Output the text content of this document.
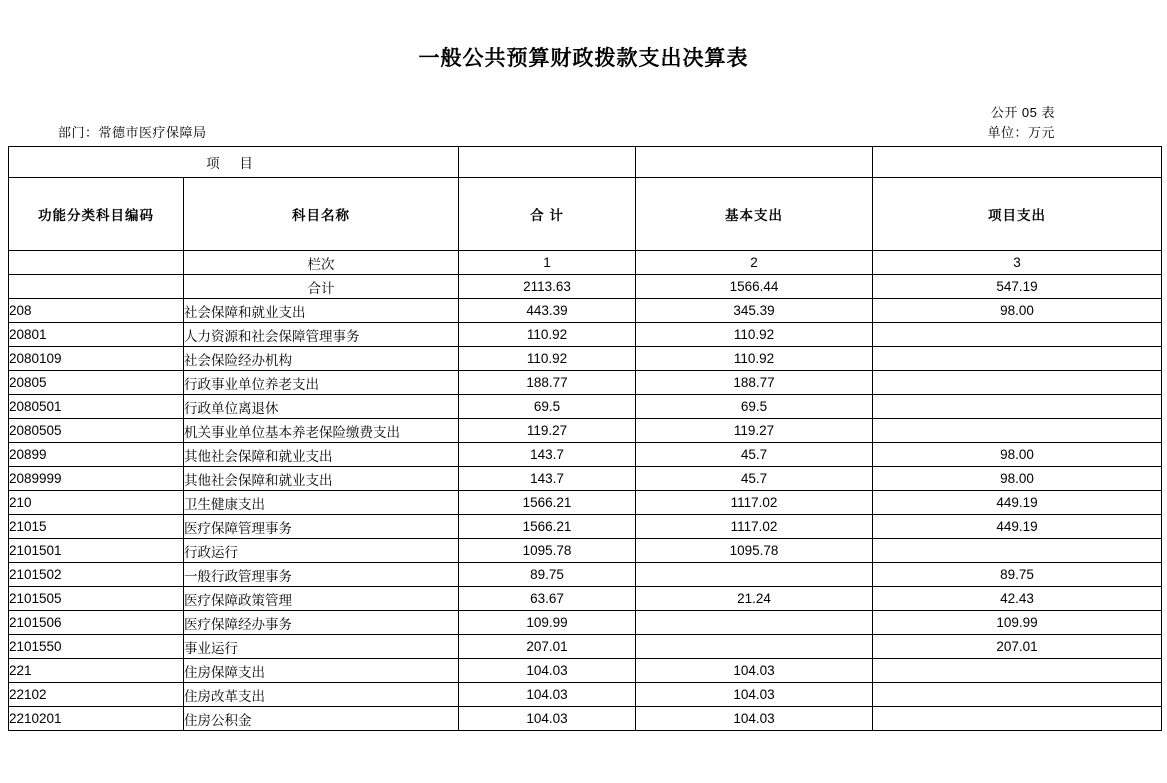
一般公共预算财政拨款支出决算表
部门：常德市医疗保障局
公开 05 表
单位：万元
项 目				
功能分类科目编码	科目名称	合 计	基本支出	项目支出
	栏次	1	2	3
	合计	2113.63	1566.44	547.19
208	社会保障和就业支出	443.39	345.39	98.00
20801	人力资源和社会保障管理事务	110.92	110.92	
2080109	社会保险经办机构	110.92	110.92	
20805	行政事业单位养老支出	188.77	188.77	
2080501	行政单位离退休	69.5	69.5	
2080505	机关事业单位基本养老保险缴费支出	119.27	119.27	
20899	其他社会保障和就业支出	143.7	45.7	98.00
2089999	其他社会保障和就业支出	143.7	45.7	98.00
210	卫生健康支出	1566.21	1117.02	449.19
21015	医疗保障管理事务	1566.21	1117.02	449.19
2101501	行政运行	1095.78	1095.78	
2101502	一般行政管理事务	89.75		89.75
2101505	医疗保障政策管理	63.67	21.24	42.43
2101506	医疗保障经办事务	109.99		109.99
2101550	事业运行	207.01		207.01
221	住房保障支出	104.03	104.03	
22102	住房改革支出	104.03	104.03	
2210201	住房公积金	104.03	104.03	
